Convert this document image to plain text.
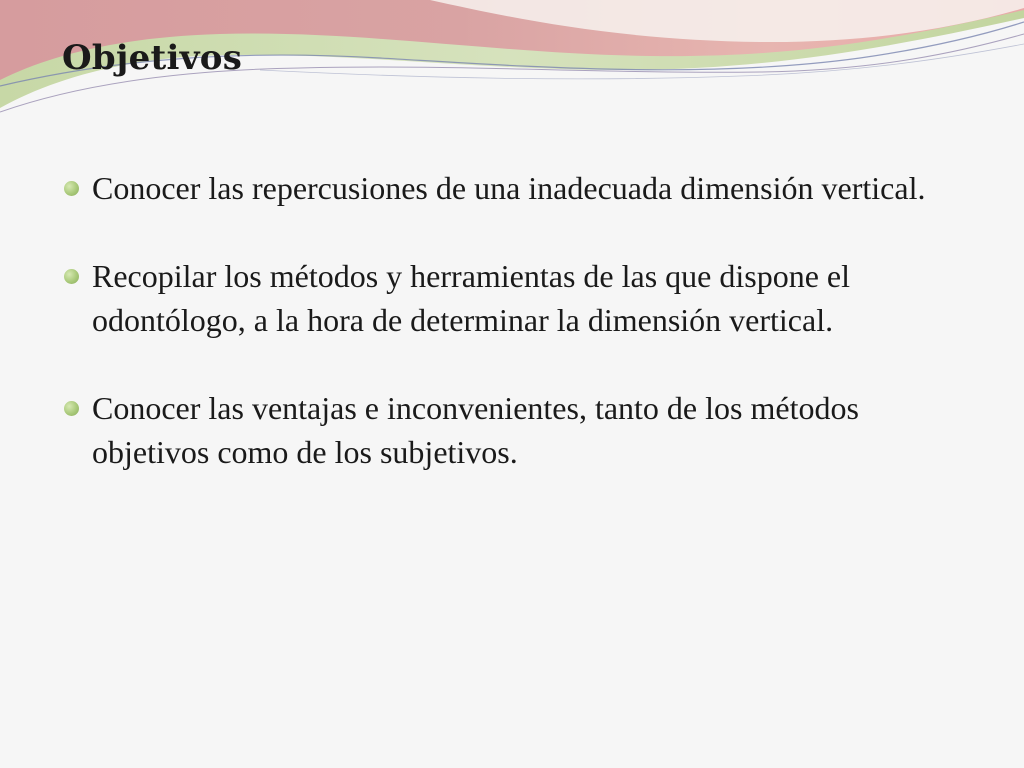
Objetivos
Conocer las repercusiones de una inadecuada dimensión vertical.
Recopilar los métodos y herramientas de las que dispone el odontólogo, a la hora de determinar la dimensión vertical.
Conocer las ventajas e inconvenientes, tanto de los métodos objetivos como de los subjetivos.
